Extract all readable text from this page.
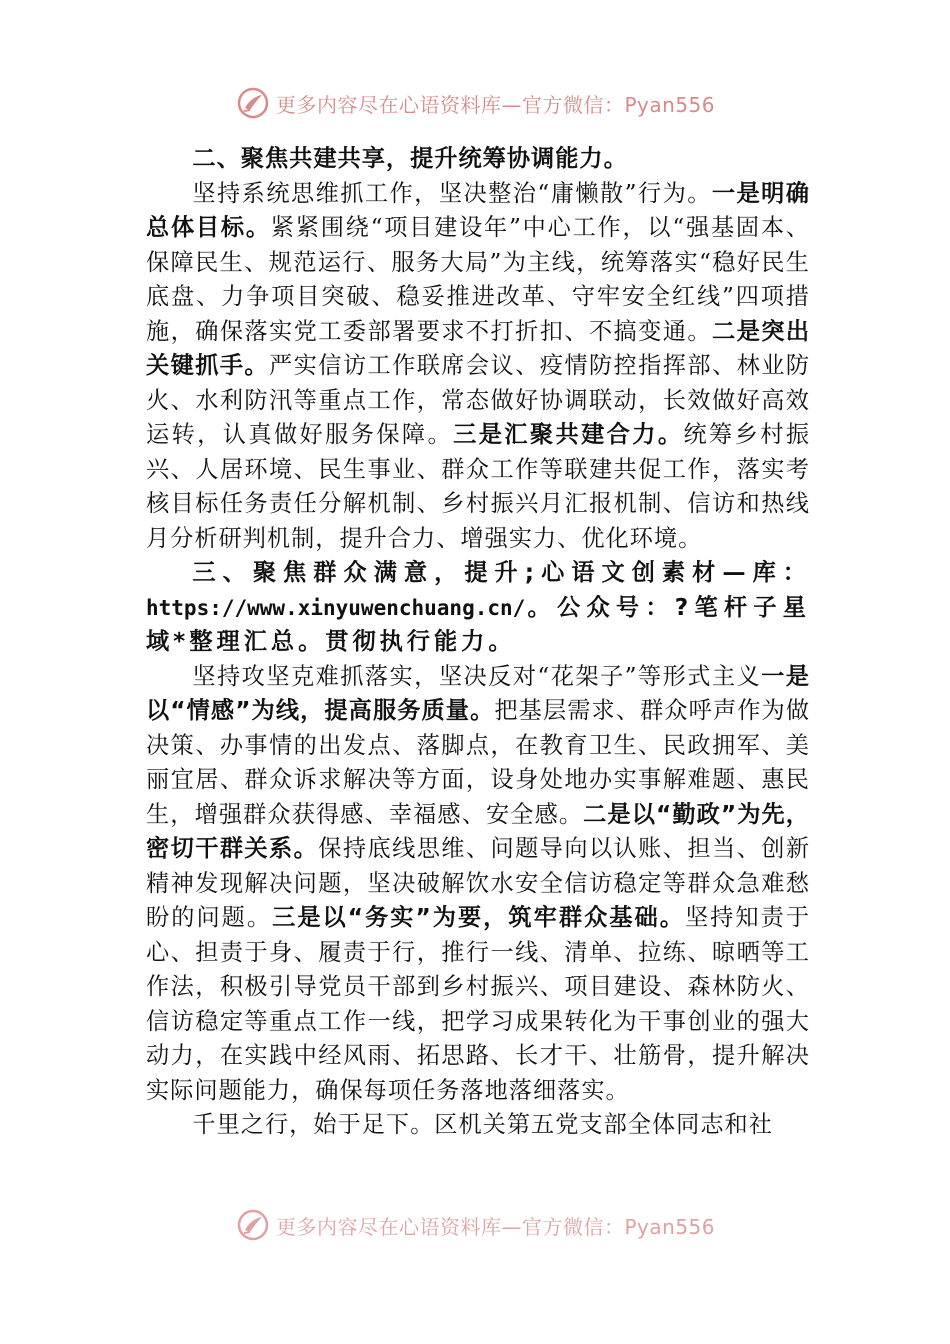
更多内容尽在心语资料库—官方微信：Pyan556

二、聚焦共建共享，提升统筹协调能力。

坚持系统思维抓工作，坚决整治“庸懒散”行为。一是明确总体目标。紧紧围绕“项目建设年”中心工作，以“强基固本、保障民生、规范运行、服务大局”为主线，统筹落实“稳好民生底盘、力争项目突破、稳妥推进改革、守牢安全红线”四项措施，确保落实党工委部署要求不打折扣、不搞变通。二是突出关键抓手。严实信访工作联席会议、疫情防控指挥部、林业防火、水利防汛等重点工作，常态做好协调联动，长效做好高效运转，认真做好服务保障。三是汇聚共建合力。统筹乡村振兴、人居环境、民生事业、群众工作等联建共促工作，落实考核目标任务责任分解机制、乡村振兴月汇报机制、信访和热线月分析研判机制，提升合力、增强实力、优化环境。

三、聚焦群众满意，提升;心语文创素材—库：https://www.xinyuwenchuang.cn/。公众号：?笔杆子星域*整理汇总。贯彻执行能力。

坚持攻坚克难抓落实，坚决反对“花架子”等形式主义一是以“情感”为线，提高服务质量。把基层需求、群众呼声作为做决策、办事情的出发点、落脚点，在教育卫生、民政拥军、美丽宜居、群众诉求解决等方面，设身处地办实事解难题、惠民生，增强群众获得感、幸福感、安全感。二是以“勤政”为先，密切干群关系。保持底线思维、问题导向以认账、担当、创新精神发现解决问题，坚决破解饮水安全信访稳定等群众急难愁盼的问题。三是以“务实”为要，筑牢群众基础。坚持知责于心、担责于身、履责于行，推行一线、清单、拉练、晾晒等工作法，积极引导党员干部到乡村振兴、项目建设、森林防火、信访稳定等重点工作一线，把学习成果转化为干事创业的强大动力，在实践中经风雨、拓思路、长才干、壮筋骨，提升解决实际问题能力，确保每项任务落地落细落实。

千里之行，始于足下。区机关第五党支部全体同志和社

更多内容尽在心语资料库—官方微信：Pyan556
